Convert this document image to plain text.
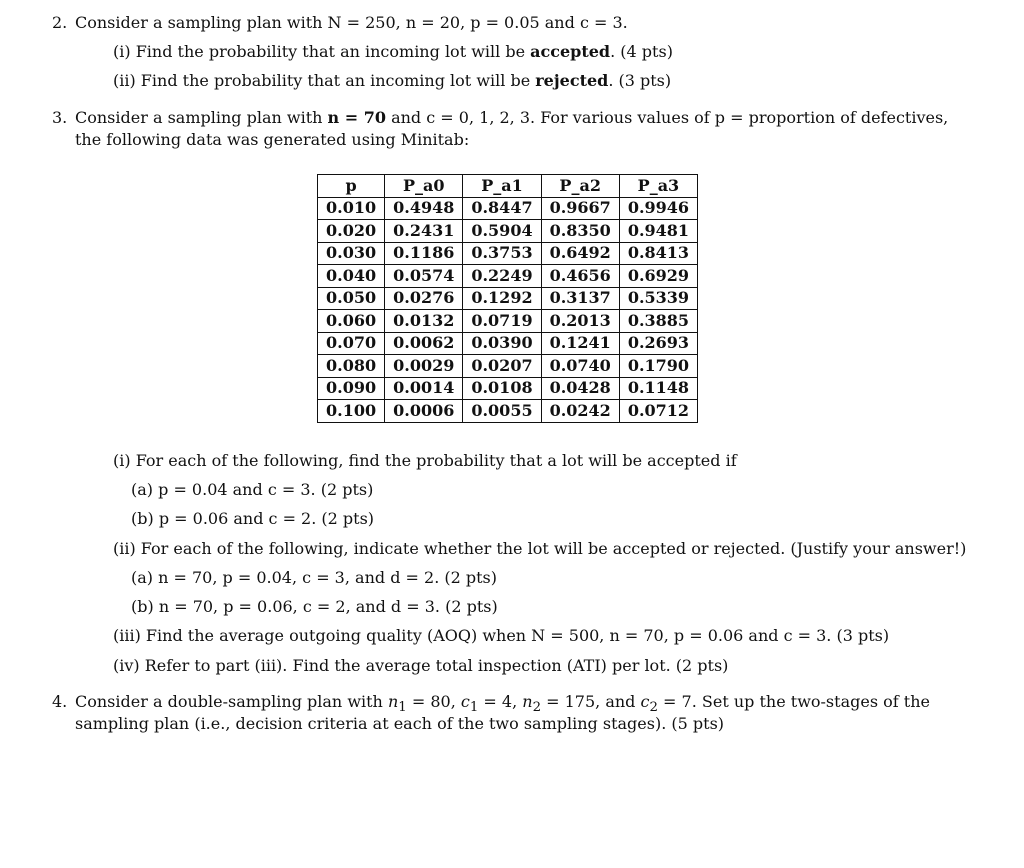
2. Consider a sampling plan with N = 250, n = 20, p = 0.05 and c = 3.
(i) Find the probability that an incoming lot will be accepted. (4 pts)
(ii) Find the probability that an incoming lot will be rejected. (3 pts)
3. Consider a sampling plan with n = 70 and c = 0, 1, 2, 3. For various values of p = proportion of defectives,
the following data was generated using Minitab:
p	P_a0	P_a1	P_a2	P_a3
0.010	0.4948	0.8447	0.9667	0.9946
0.020	0.2431	0.5904	0.8350	0.9481
0.030	0.1186	0.3753	0.6492	0.8413
0.040	0.0574	0.2249	0.4656	0.6929
0.050	0.0276	0.1292	0.3137	0.5339
0.060	0.0132	0.0719	0.2013	0.3885
0.070	0.0062	0.0390	0.1241	0.2693
0.080	0.0029	0.0207	0.0740	0.1790
0.090	0.0014	0.0108	0.0428	0.1148
0.100	0.0006	0.0055	0.0242	0.0712
(i) For each of the following, find the probability that a lot will be accepted if
(a) p = 0.04 and c = 3. (2 pts)
(b) p = 0.06 and c = 2. (2 pts)
(ii) For each of the following, indicate whether the lot will be accepted or rejected. (Justify your answer!)
(a) n = 70, p = 0.04, c = 3, and d = 2. (2 pts)
(b) n = 70, p = 0.06, c = 2, and d = 3. (2 pts)
(iii) Find the average outgoing quality (AOQ) when N = 500, n = 70, p = 0.06 and c = 3. (3 pts)
(iv) Refer to part (iii). Find the average total inspection (ATI) per lot. (2 pts)
4. Consider a double-sampling plan with $n_1 = 80$, $c_1 = 4$, $n_2 = 175$, and $c_2 = 7$. Set up the two-stages of the
sampling plan (i.e., decision criteria at each of the two sampling stages). (5 pts)
